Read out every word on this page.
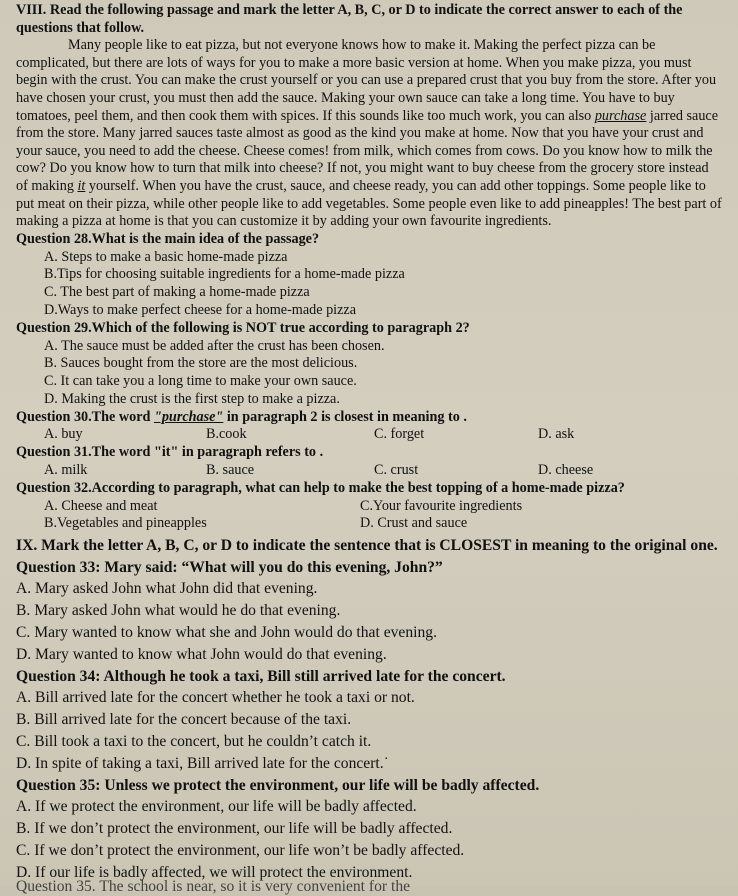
VIII. Read the following passage and mark the letter A, B, C, or D to indicate the correct answer to each of the questions that follow.

Many people like to eat pizza, but not everyone knows how to make it. Making the perfect pizza can be complicated, but there are lots of ways for you to make a more basic version at home. When you make pizza, you must begin with the crust. You can make the crust yourself or you can use a prepared crust that you buy from the store. After you have chosen your crust, you must then add the sauce. Making your own sauce can take a long time. You have to buy tomatoes, peel them, and then cook them with spices. If this sounds like too much work, you can also purchase jarred sauce from the store. Many jarred sauces taste almost as good as the kind you make at home. Now that you have your crust and your sauce, you need to add the cheese. Cheese comes! from milk, which comes from cows. Do you know how to milk the cow? Do you know how to turn that milk into cheese? If not, you might want to buy cheese from the grocery store instead of making it yourself. When you have the crust, sauce, and cheese ready, you can add other toppings. Some people like to put meat on their pizza, while other people like to add vegetables. Some people even like to add pineapples! The best part of making a pizza at home is that you can customize it by adding your own favourite ingredients.

Question 28.What is the main idea of the passage?

A. Steps to make a basic home-made pizza

B.Tips for choosing suitable ingredients for a home-made pizza

C. The best part of making a home-made pizza

D.Ways to make perfect cheese for a home-made pizza

Question 29.Which of the following is NOT true according to paragraph 2?

A. The sauce must be added after the crust has been chosen.

B. Sauces bought from the store are the most delicious.

C. It can take you a long time to make your own sauce.

D. Making the crust is the first step to make a pizza.

Question 30.The word "purchase" in paragraph 2 is closest in meaning to .

A. buy	B.cook	C. forget	D. ask

Question 31.The word "it" in paragraph refers to .

A. milk	B. sauce	C. crust	D. cheese

Question 32.According to paragraph, what can help to make the best topping of a home-made pizza?

A. Cheese and meat	C.Your favourite ingredients
B.Vegetables and pineapples	D. Crust and sauce

IX. Mark the letter A, B, C, or D to indicate the sentence that is CLOSEST in meaning to the original one.

Question 33: Mary said: “What will you do this evening, John?”

A. Mary asked John what John did that evening.

B. Mary asked John what would he do that evening.

C. Mary wanted to know what she and John would do that evening.

D. Mary wanted to know what John would do that evening.

Question 34: Although he took a taxi, Bill still arrived late for the concert.

A. Bill arrived late for the concert whether he took a taxi or not.

B. Bill arrived late for the concert because of the taxi.

C. Bill took a taxi to the concert, but he couldn’t catch it.

D. In spite of taking a taxi, Bill arrived late for the concert.˙

Question 35: Unless we protect the environment, our life will be badly affected.

A. If we protect the environment, our life will be badly affected.

B. If we don’t protect the environment, our life will be badly affected.

C. If we don’t protect the environment, our life won’t be badly affected.

D. If our life is badly affected, we will protect the environment.

Question 35. The school is near, so it is very convenient for the
